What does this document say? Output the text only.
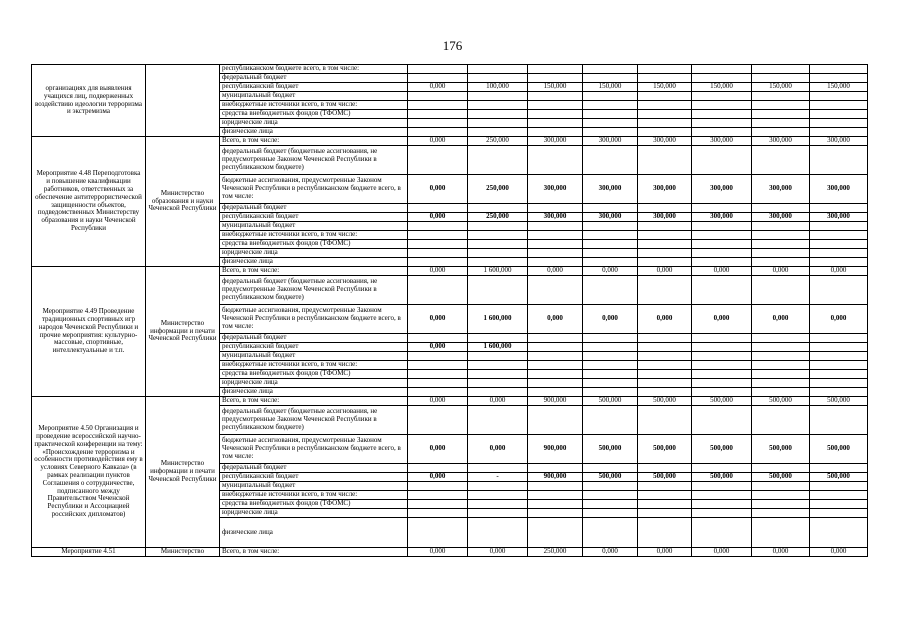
176
организациях для выявления учащихся лиц, подверженных воздействию идеологии терроризма и экстремизма		республиканском бюджете всего, в том числе:								
		федеральный бюджет								
		республиканский бюджет	0,000	100,000	150,000	150,000	150,000	150,000	150,000	150,000
		муниципальный бюджет								
		внебюджетные источники всего, в том числе:								
		средства внебюджетных фондов (ТФОМС)								
		юридические лица								
		физические лица								
Мероприятие 4.48 Переподготовка и повышение квалификации работников, ответственных за обеспечение антитеррористической защищенности объектов, подведомственных Министерству образования и науки Чеченской Республики	Министерство образования и науки Чеченской Республики	Всего, в том числе:	0,000	250,000	300,000	300,000	300,000	300,000	300,000	300,000
		федеральный бюджет (бюджетные ассигнования, не предусмотренные Законом Чеченской Республики в республиканском бюджете)								
		бюджетные ассигнования, предусмотренные Законом Чеченской Республики в республиканском бюджете всего, в том числе:	0,000	250,000	300,000	300,000	300,000	300,000	300,000	300,000
		федеральный бюджет								
		республиканский бюджет	0,000	250,000	300,000	300,000	300,000	300,000	300,000	300,000
		муниципальный бюджет								
		внебюджетные источники всего, в том числе:								
		средства внебюджетных фондов (ТФОМС)								
		юридические лица								
		физические лица								
Мероприятие 4.49 Проведение традиционных спортивных игр народов Чеченской Республики и прочие мероприятия: культурно-массовые, спортивные, интеллектуальные и т.п.	Министерство информации и печати Чеченской Республики	Всего, в том числе:	0,000	1 600,000	0,000	0,000	0,000	0,000	0,000	0,000
		федеральный бюджет (бюджетные ассигнования, не предусмотренные Законом Чеченской Республики в республиканском бюджете)								
		бюджетные ассигнования, предусмотренные Законом Чеченской Республики в республиканском бюджете всего, в том числе:	0,000	1 600,000	0,000	0,000	0,000	0,000	0,000	0,000
		федеральный бюджет								
		республиканский бюджет	0,000	1 600,000						
		муниципальный бюджет								
		внебюджетные источники всего, в том числе:								
		средства внебюджетных фондов (ТФОМС)								
		юридические лица								
		физические лица								
Мероприятие 4.50 Организация и проведение всероссийской научно-практической конференции на тему: «Происхождение терроризма и особенности противодействия ему в условиях Северного Кавказа» (в рамках реализации пунктов Соглашения о сотрудничестве, подписанного между Правительством Чеченской Республики и Ассоциацией российских дипломатов)	Министерство информации и печати Чеченской Республики	Всего, в том числе:	0,000	0,000	900,000	500,000	500,000	500,000	500,000	500,000
		федеральный бюджет (бюджетные ассигнования, не предусмотренные Законом Чеченской Республики в республиканском бюджете)								
		бюджетные ассигнования, предусмотренные Законом Чеченской Республики в республиканском бюджете всего, в том числе:	0,000	0,000	900,000	500,000	500,000	500,000	500,000	500,000
		федеральный бюджет								
		республиканский бюджет	0,000	-	900,000	500,000	500,000	500,000	500,000	500,000
		муниципальный бюджет								
		внебюджетные источники всего, в том числе:								
		средства внебюджетных фондов (ТФОМС)								
		юридические лица								
		физические лица								
Мероприятие 4.51	Министерство	Всего, в том числе:	0,000	0,000	250,000	0,000	0,000	0,000	0,000	0,000
